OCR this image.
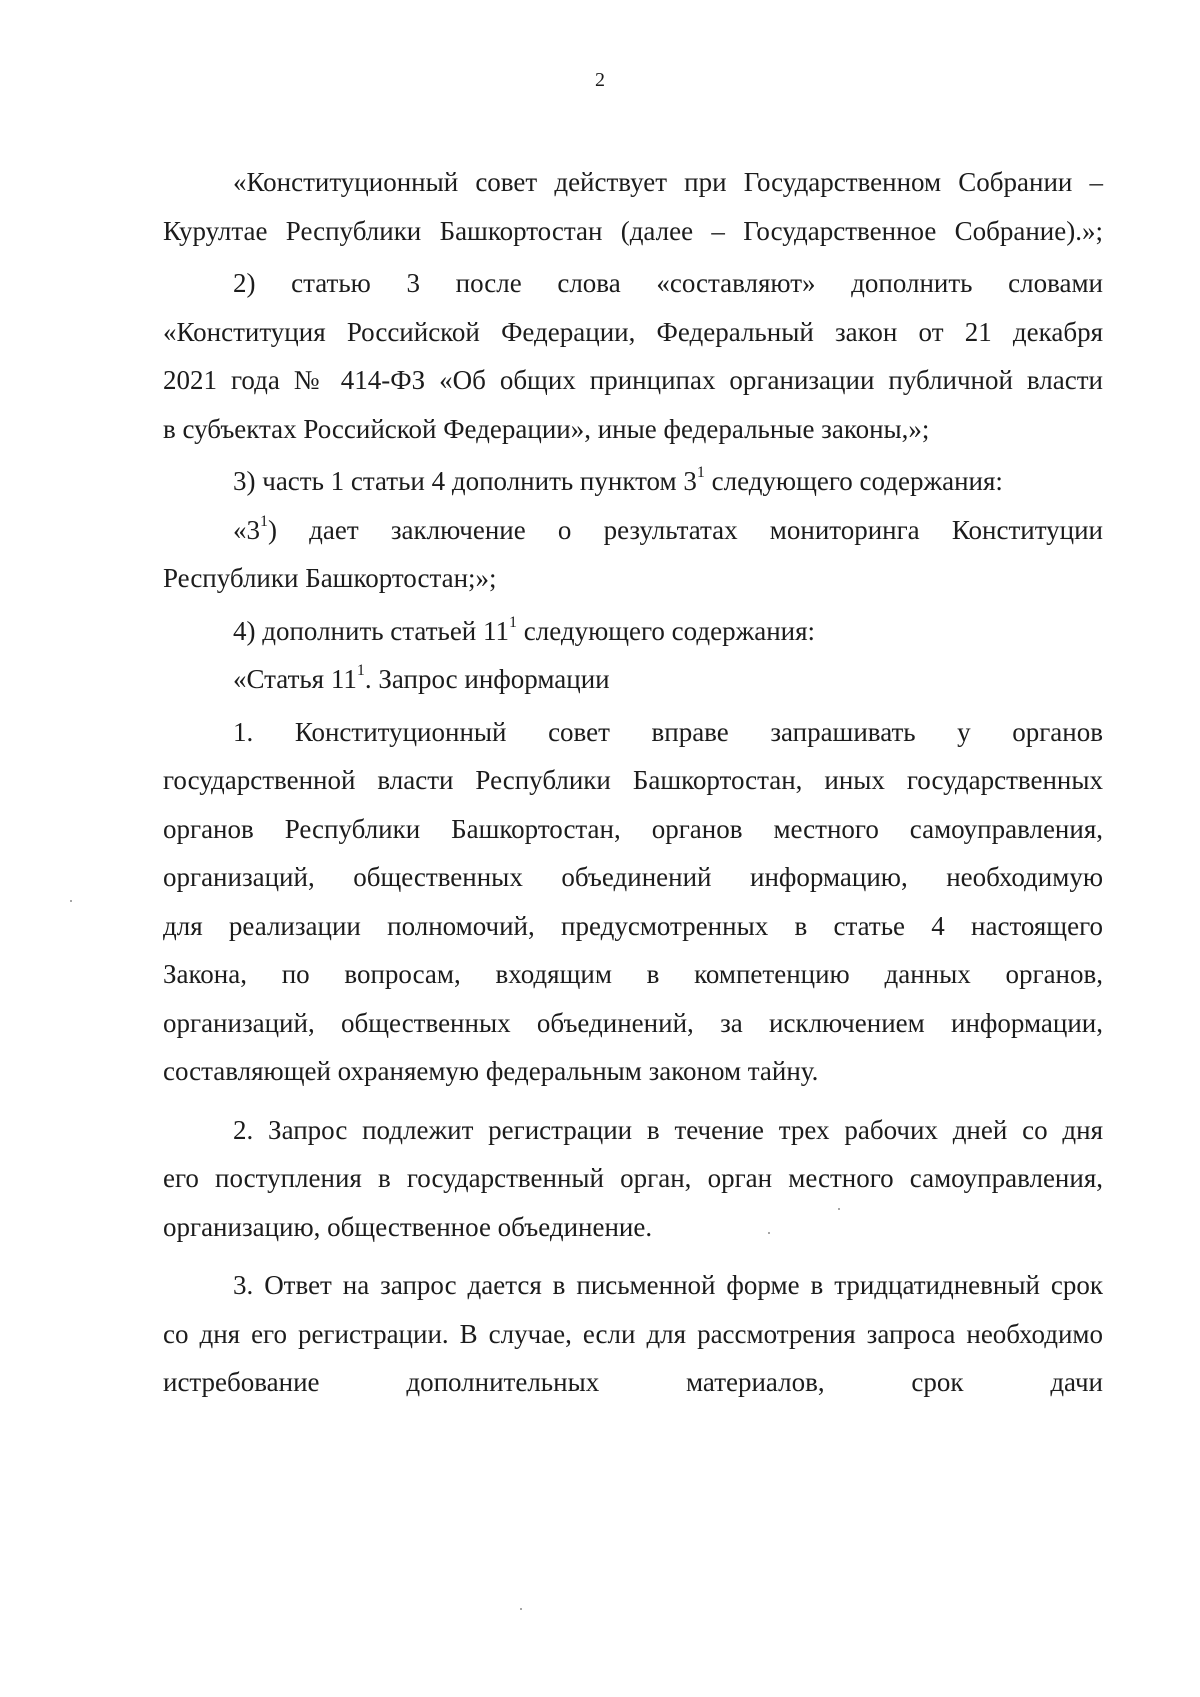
2
«Конституционный совет действует при Государственном Собрании –
Курултае Республики Башкортостан (далее – Государственное Собрание).»;
2) статью 3 после слова «составляют» дополнить словами
«Конституция Российской Федерации, Федеральный закон от 21 декабря
2021 года № 414-ФЗ «Об общих принципах организации публичной власти
в субъектах Российской Федерации», иные федеральные законы,»;
3) часть 1 статьи 4 дополнить пунктом $3^1$ следующего содержания:
«$3^1$) дает заключение о результатах мониторинга Конституции
Республики Башкортостан;»;
4) дополнить статьей $11^1$ следующего содержания:
«Статья $11^1$. Запрос информации
1. Конституционный совет вправе запрашивать у органов
государственной власти Республики Башкортостан, иных государственных
органов Республики Башкортостан, органов местного самоуправления,
организаций, общественных объединений информацию, необходимую
для реализации полномочий, предусмотренных в статье 4 настоящего
Закона, по вопросам, входящим в компетенцию данных органов,
организаций, общественных объединений, за исключением информации,
составляющей охраняемую федеральным законом тайну.
2. Запрос подлежит регистрации в течение трех рабочих дней со дня
его поступления в государственный орган, орган местного самоуправления,
организацию, общественное объединение.
3. Ответ на запрос дается в письменной форме в тридцатидневный срок
со дня его регистрации. В случае, если для рассмотрения запроса необходимо
истребование дополнительных материалов, срок дачи
